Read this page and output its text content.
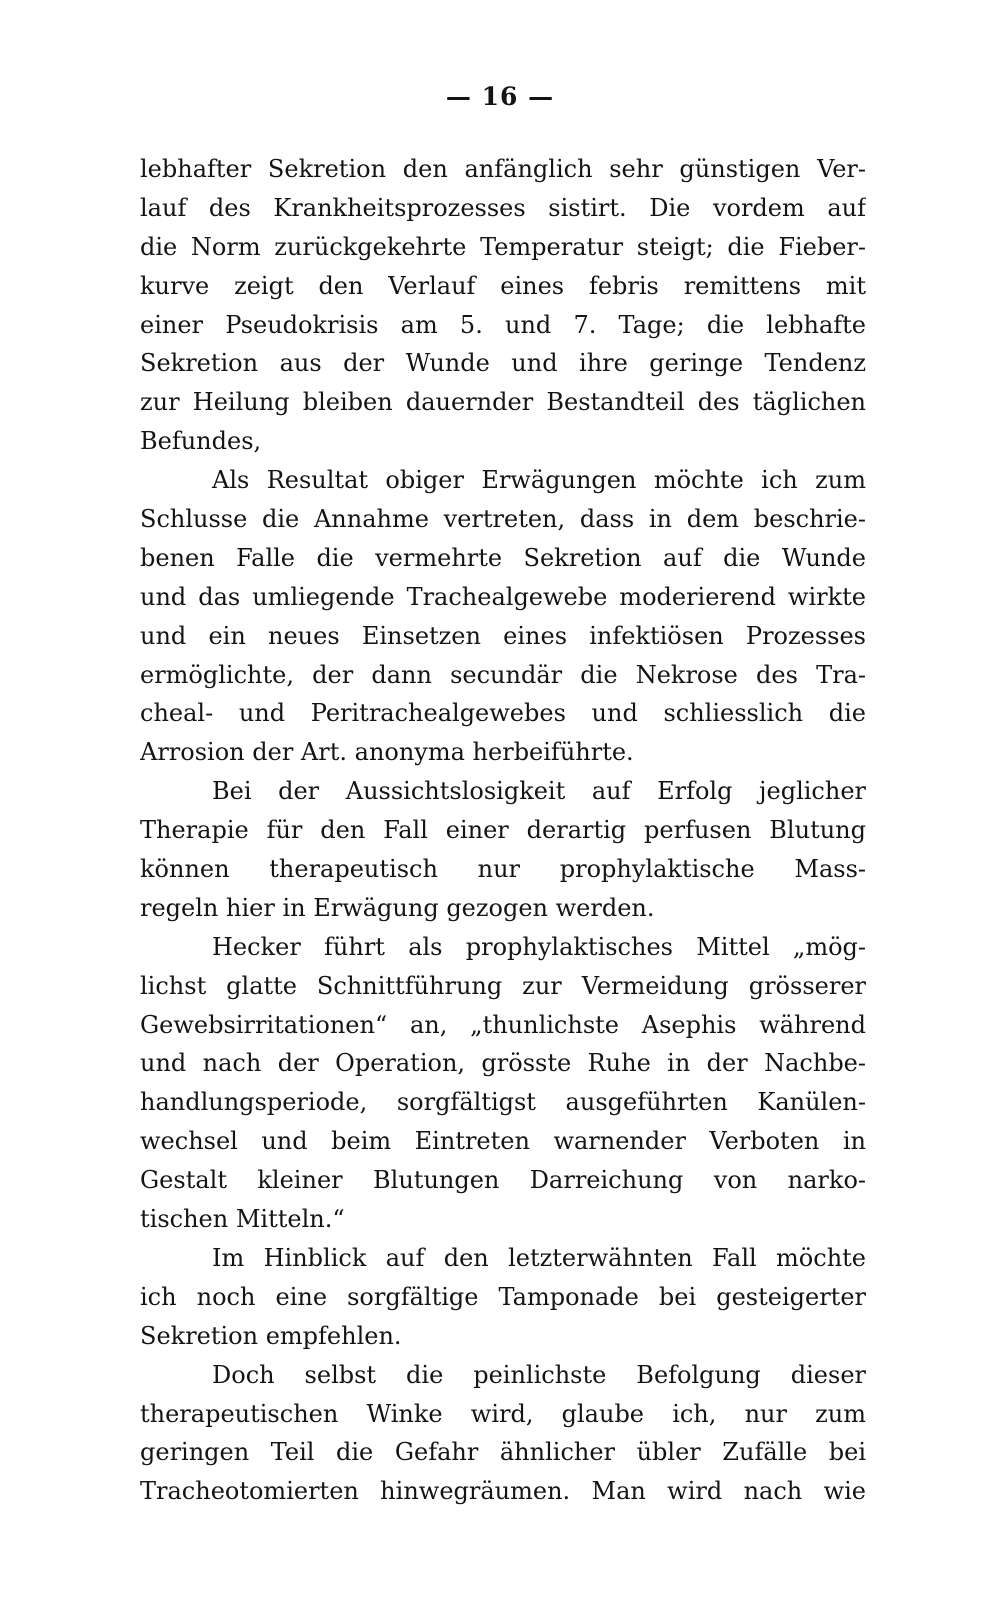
— 16 —
lebhafter Sekretion den anfänglich sehr günstigen Ver-
lauf des Krankheitsprozesses sistirt. Die vordem auf
die Norm zurückgekehrte Temperatur steigt; die Fieber-
kurve zeigt den Verlauf eines febris remittens mit
einer Pseudokrisis am 5. und 7. Tage; die lebhafte
Sekretion aus der Wunde und ihre geringe Tendenz
zur Heilung bleiben dauernder Bestandteil des täglichen
Befundes,
Als Resultat obiger Erwägungen möchte ich zum
Schlusse die Annahme vertreten, dass in dem beschrie-
benen Falle die vermehrte Sekretion auf die Wunde
und das umliegende Trachealgewebe moderierend wirkte
und ein neues Einsetzen eines infektiösen Prozesses
ermöglichte, der dann secundär die Nekrose des Tra-
cheal- und Peritrachealgewebes und schliesslich die
Arrosion der Art. anonyma herbeiführte.
Bei der Aussichtslosigkeit auf Erfolg jeglicher
Therapie für den Fall einer derartig perfusen Blutung
können therapeutisch nur prophylaktische Mass-
regeln hier in Erwägung gezogen werden.
Hecker führt als prophylaktisches Mittel „mög-
lichst glatte Schnittführung zur Vermeidung grösserer
Gewebsirritationen“ an, „thunlichste Asephis während
und nach der Operation, grösste Ruhe in der Nachbe-
handlungsperiode, sorgfältigst ausgeführten Kanülen-
wechsel und beim Eintreten warnender Verboten in
Gestalt kleiner Blutungen Darreichung von narko-
tischen Mitteln.“
Im Hinblick auf den letzterwähnten Fall möchte
ich noch eine sorgfältige Tamponade bei gesteigerter
Sekretion empfehlen.
Doch selbst die peinlichste Befolgung dieser
therapeutischen Winke wird, glaube ich, nur zum
geringen Teil die Gefahr ähnlicher übler Zufälle bei
Tracheotomierten hinwegräumen. Man wird nach wie
